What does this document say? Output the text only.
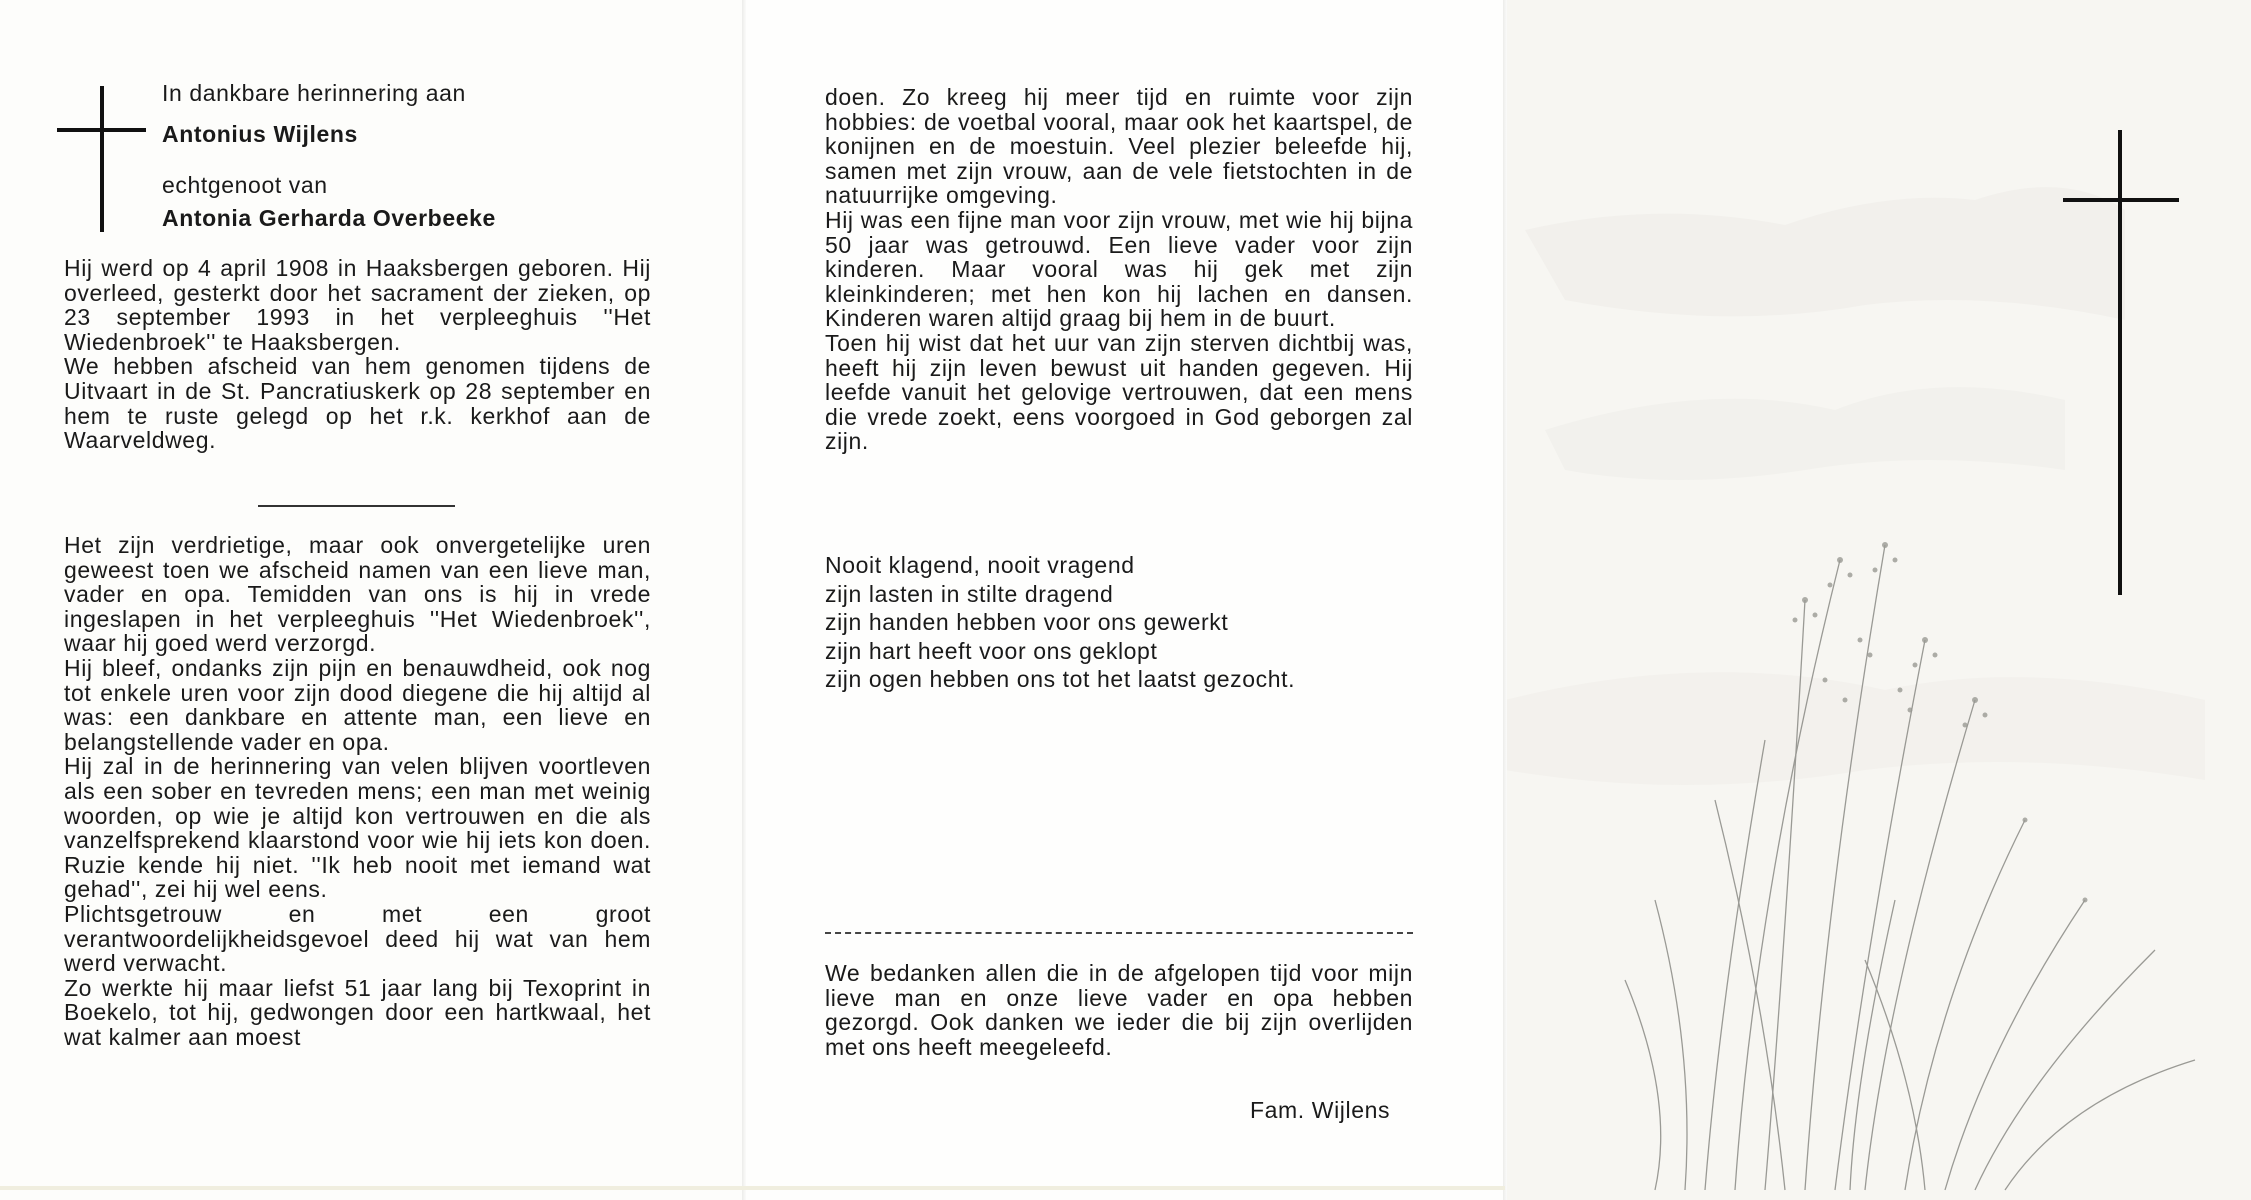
In dankbare herinnering aan
Antonius Wijlens
echtgenoot van
Antonia Gerharda Overbeeke

Hij werd op 4 april 1908 in Haaksbergen geboren. Hij overleed, gesterkt door het sacrament der zieken, op 23 september 1993 in het verpleeghuis ''Het Wiedenbroek'' te Haaksbergen.

We hebben afscheid van hem genomen tijdens de Uitvaart in de St. Pancratiuskerk op 28 september en hem te ruste gelegd op het r.k. kerkhof aan de Waarveldweg.

Het zijn verdrietige, maar ook onvergetelijke uren geweest toen we afscheid namen van een lieve man, vader en opa. Temidden van ons is hij in vrede ingeslapen in het verpleeghuis ''Het Wiedenbroek'', waar hij goed werd verzorgd.

Hij bleef, ondanks zijn pijn en benauwdheid, ook nog tot enkele uren voor zijn dood diegene die hij altijd al was: een dankbare en attente man, een lieve en belangstellende vader en opa.

Hij zal in de herinnering van velen blijven voortleven als een sober en tevreden mens; een man met weinig woorden, op wie je altijd kon vertrouwen en die als vanzelfsprekend klaarstond voor wie hij iets kon doen. Ruzie kende hij niet. ''Ik heb nooit met iemand wat gehad'', zei hij wel eens.

Plichtsgetrouw en met een groot verantwoordelijkheidsgevoel deed hij wat van hem werd verwacht.

Zo werkte hij maar liefst 51 jaar lang bij Texoprint in Boekelo, tot hij, gedwongen door een hartkwaal, het wat kalmer aan moest

doen. Zo kreeg hij meer tijd en ruimte voor zijn hobbies: de voetbal vooral, maar ook het kaartspel, de konijnen en de moestuin. Veel plezier beleefde hij, samen met zijn vrouw, aan de vele fietstochten in de natuurrijke omgeving.

Hij was een fijne man voor zijn vrouw, met wie hij bijna 50 jaar was getrouwd. Een lieve vader voor zijn kinderen. Maar vooral was hij gek met zijn kleinkinderen; met hen kon hij lachen en dansen. Kinderen waren altijd graag bij hem in de buurt.

Toen hij wist dat het uur van zijn sterven dichtbij was, heeft hij zijn leven bewust uit handen gegeven. Hij leefde vanuit het gelovige vertrouwen, dat een mens die vrede zoekt, eens voorgoed in God geborgen zal zijn.

Nooit klagend, nooit vragend
zijn lasten in stilte dragend
zijn handen hebben voor ons gewerkt
zijn hart heeft voor ons geklopt
zijn ogen hebben ons tot het laatst gezocht.
We bedanken allen die in de afgelopen tijd voor mijn lieve man en onze lieve vader en opa hebben gezorgd. Ook danken we ieder die bij zijn overlijden met ons heeft meegeleefd.
Fam. Wijlens
